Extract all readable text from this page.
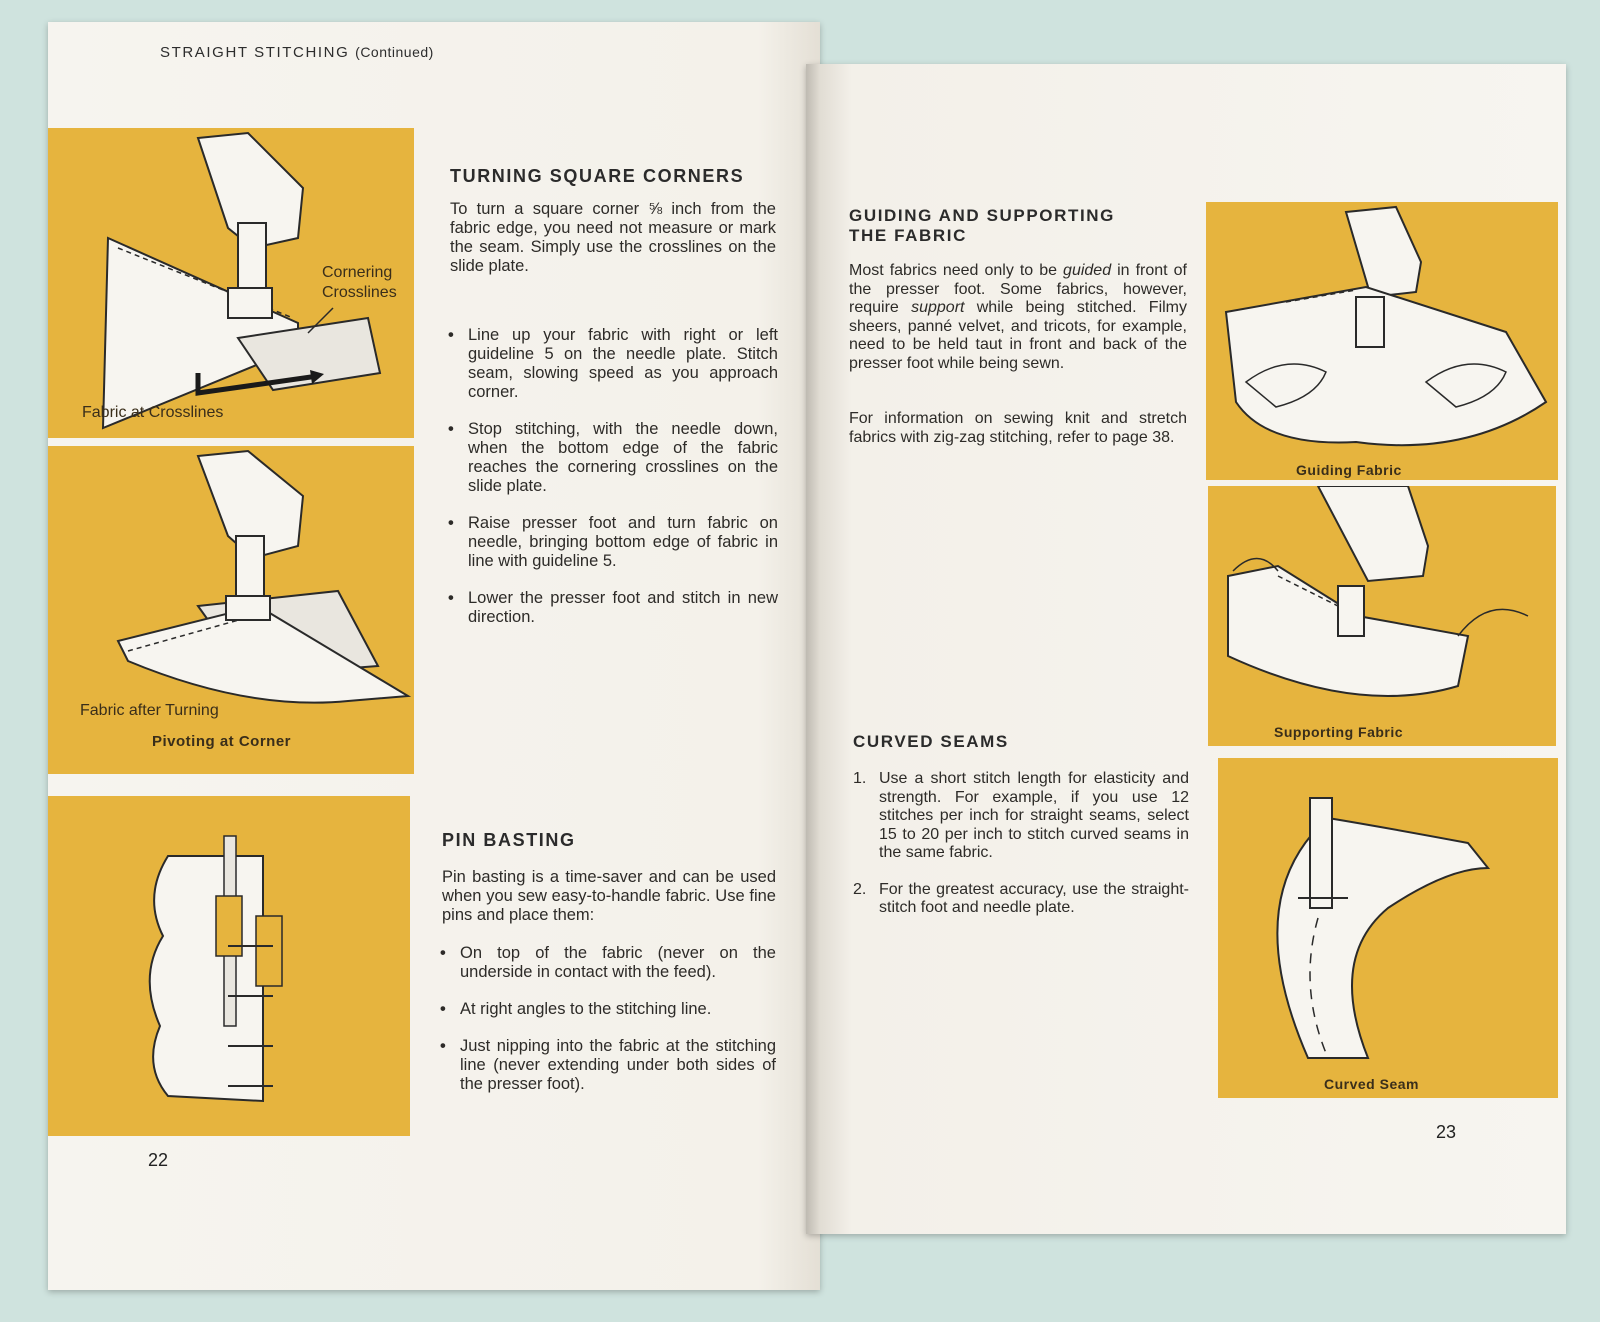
STRAIGHT STITCHING (Continued)
Cornering
Crosslines
Fabric at Crosslines
Fabric after Turning
Pivoting at Corner
22
TURNING SQUARE CORNERS
To turn a square corner ⅝ inch from the fabric edge, you need not measure or mark the seam. Simply use the crosslines on the slide plate.
• Line up your fabric with right or left guideline 5 on the needle plate. Stitch seam, slowing speed as you approach corner.
• Stop stitching, with the needle down, when the bottom edge of the fabric reaches the cornering crosslines on the slide plate.
• Raise presser foot and turn fabric on needle, bringing bottom edge of fabric in line with guideline 5.
• Lower the presser foot and stitch in new direction.
PIN BASTING
Pin basting is a time-saver and can be used when you sew easy-to-handle fabric. Use fine pins and place them:
• On top of the fabric (never on the underside in contact with the feed).
• At right angles to the stitching line.
• Just nipping into the fabric at the stitching line (never extending under both sides of the presser foot).
GUIDING AND SUPPORTING
THE FABRIC
Most fabrics need only to be guided in front of the presser foot. Some fabrics, however, require support while being stitched. Filmy sheers, panné velvet, and tricots, for example, need to be held taut in front and back of the presser foot while being sewn.
For information on sewing knit and stretch fabrics with zig-zag stitching, refer to page 38.
CURVED SEAMS
1. Use a short stitch length for elasticity and strength. For example, if you use 12 stitches per inch for straight seams, select 15 to 20 per inch to stitch curved seams in the same fabric.
2. For the greatest accuracy, use the straight-stitch foot and needle plate.
Guiding Fabric
Supporting Fabric
Curved Seam
23
